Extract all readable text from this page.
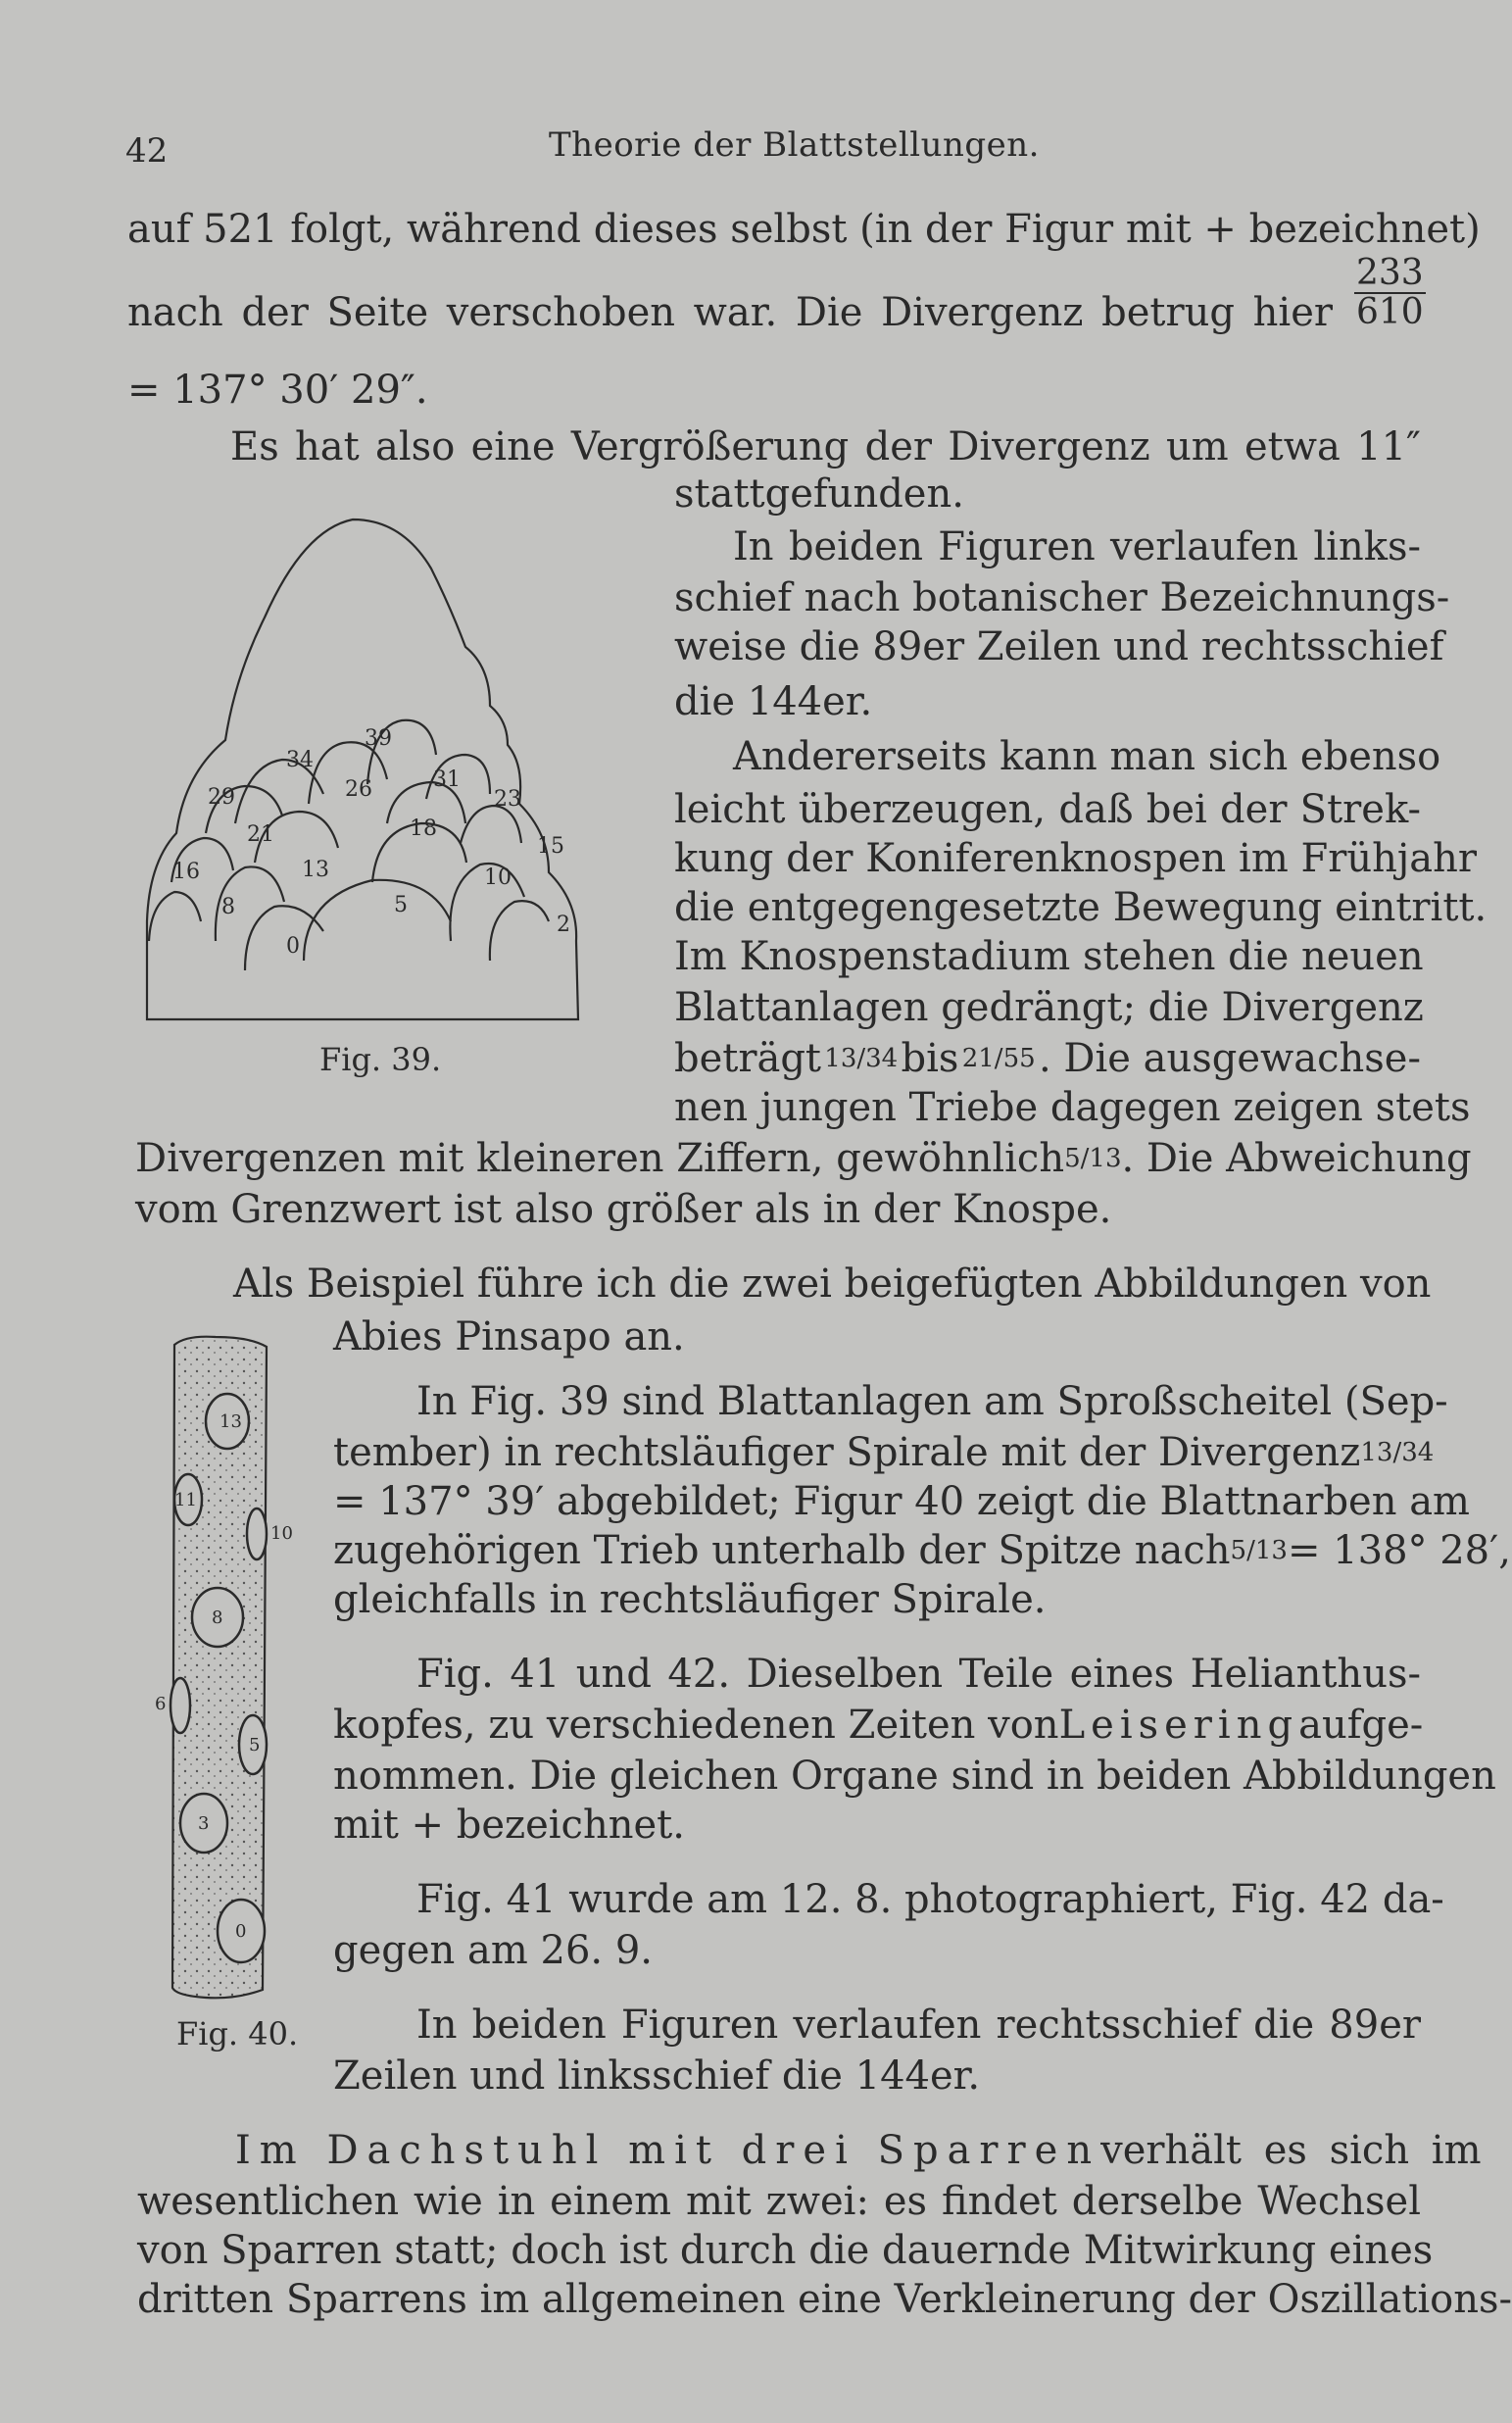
42	Theorie der Blattstellungen.
auf 521 folgt, während dieses selbst (in der Figur mit + bezeichnet)
nach der Seite verschoben war. Die Divergenz betrug hier $\frac{233}{610}$
= 137° 30′ 29″.
Es hat also eine Vergrößerung der Divergenz um etwa 11″
stattgefunden.
In beiden Figuren verlaufen links-
schief nach botanischer Bezeichnungs-
weise die 89er Zeilen und rechtsschief
die 144er.
Andererseits kann man sich ebenso
leicht überzeugen, daß bei der Strek-
kung der Koniferenknospen im Frühjahr
die entgegengesetzte Bewegung eintritt.
Im Knospenstadium stehen die neuen
Blattanlagen gedrängt; die Divergenz
beträgt 13/34 bis 21/55 . Die ausgewachse-
nen jungen Triebe dagegen zeigen stets
Divergenzen mit kleineren Ziffern, gewöhnlich 5/13 . Die Abweichung
vom Grenzwert ist also größer als in der Knospe.
Als Beispiel führe ich die zwei beigefügten Abbildungen von
Abies Pinsapo an.
In Fig. 39 sind Blattanlagen am Sproßscheitel (Sep-
tember) in rechtsläufiger Spirale mit der Divergenz 13/34
= 137° 39′ abgebildet; Figur 40 zeigt die Blattnarben am
zugehörigen Trieb unterhalb der Spitze nach 5/13 = 138° 28′,
gleichfalls in rechtsläufiger Spirale.
Fig. 41 und 42. Dieselben Teile eines Helianthus-
kopfes, zu verschiedenen Zeiten von Leisering aufge-
nommen. Die gleichen Organe sind in beiden Abbildungen
mit + bezeichnet.
Fig. 41 wurde am 12. 8. photographiert, Fig. 42 da-
gegen am 26. 9.
In beiden Figuren verlaufen rechtsschief die 89er
Zeilen und linksschief die 144er.
Im Dachstuhl mit drei Sparren verhält es sich im
wesentlichen wie in einem mit zwei: es findet derselbe Wechsel
von Sparren statt; doch ist durch die dauernde Mitwirkung eines
dritten Sparrens im allgemeinen eine Verkleinerung der Oszillations-
39
34
31
26
29	23
21	18
15
13
16	10
8	5
2
0
Fig. 39.
13
11
10
8
6
5
3
0
Fig. 40.
